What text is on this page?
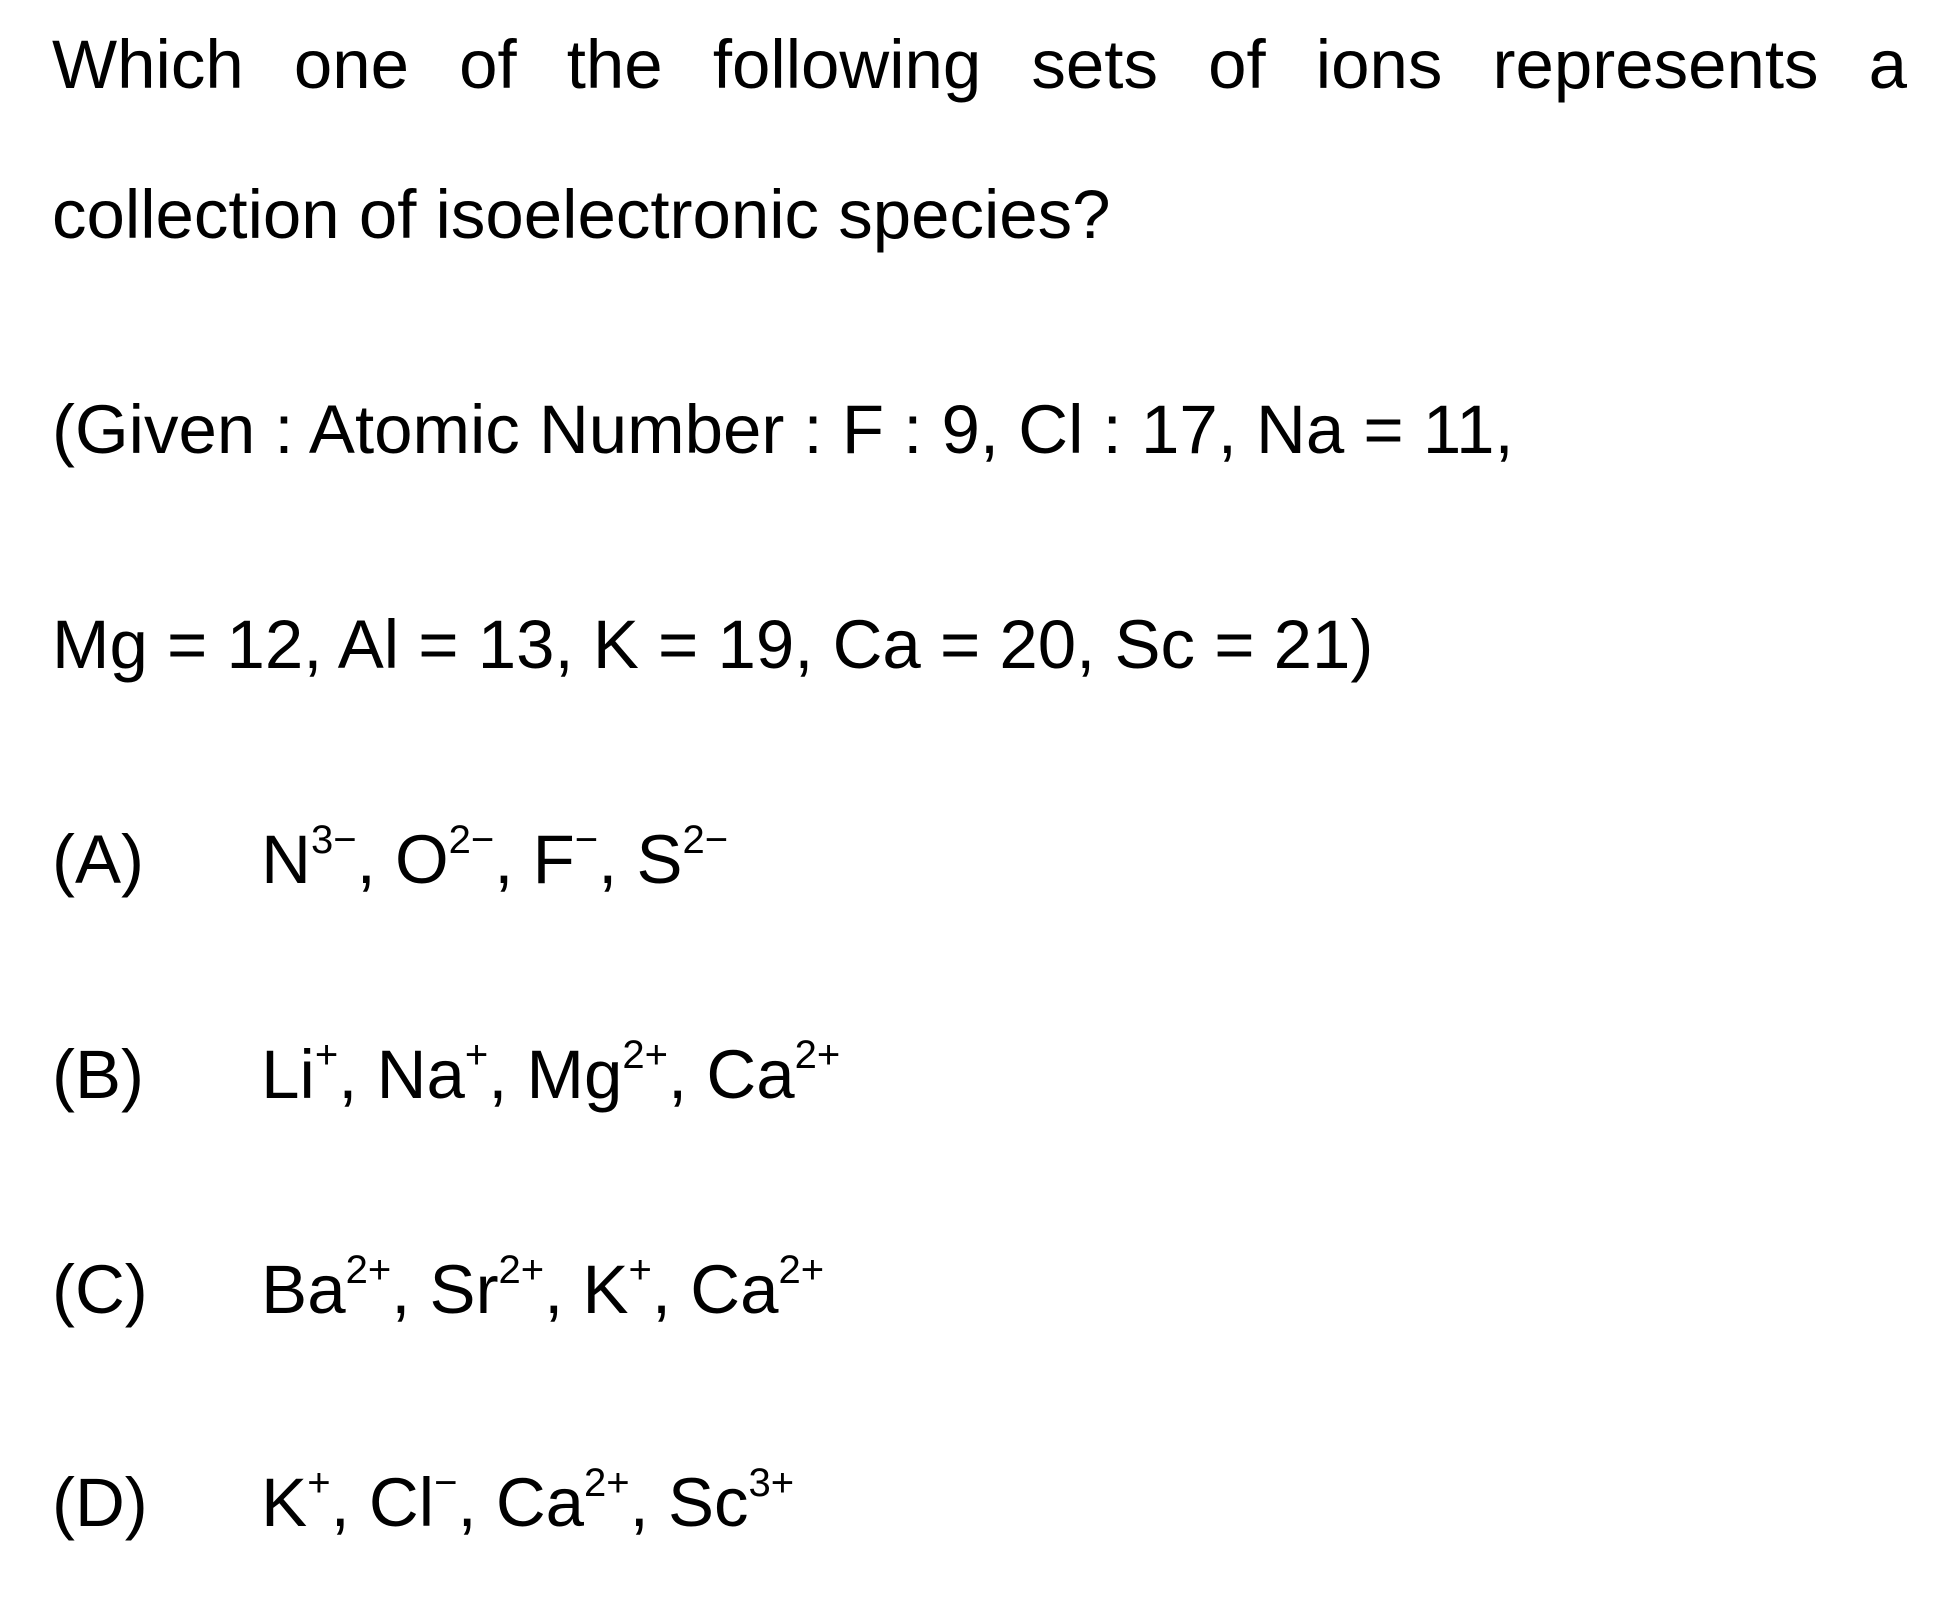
Which one of the following sets of ions represents a

collection of isoelectronic species?

(Given : Atomic Number : F : 9, Cl : 17, Na = 11,

Mg = 12, Al = 13, K = 19, Ca = 20, Sc = 21)

(A) $N^{3-}$, $O^{2-}$, F−, $S^{2-}$
(B) Li+, Na+, $Mg^{2+}$, $Ca^{2+}$
(C) $Ba^{2+}$, $Sr^{2+}$, K+, $Ca^{2+}$
(D) K+, Cl−, $Ca^{2+}$, $Sc^{3+}$
